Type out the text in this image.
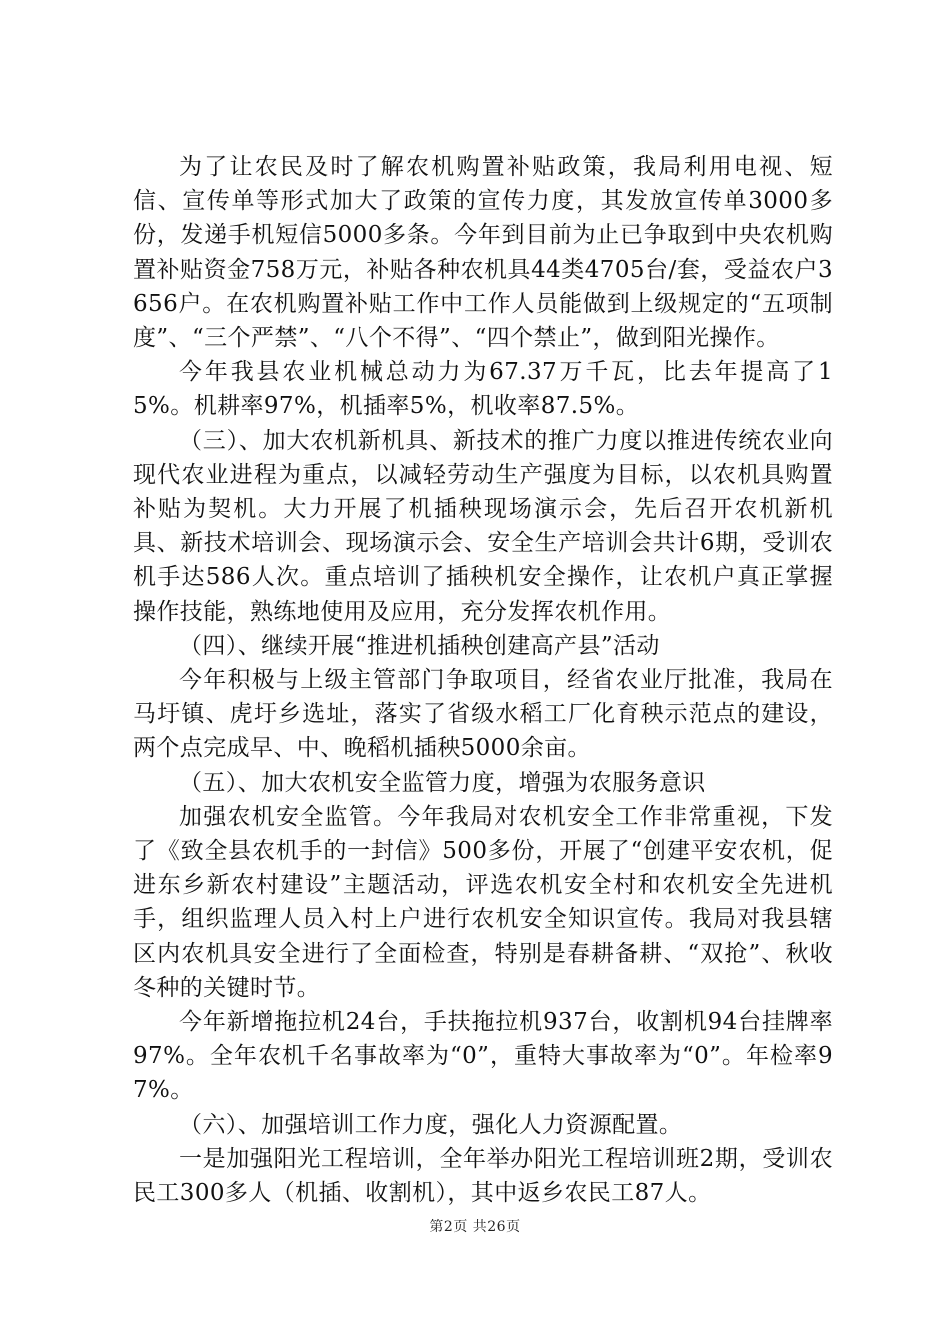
为了让农民及时了解农机购置补贴政策，我局利用电视、短信、宣传单等形式加大了政策的宣传力度，其发放宣传单3000多份，发递手机短信5000多条。今年到目前为止已争取到中央农机购置补贴资金758万元，补贴各种农机具44类4705台/套，受益农户3656户。在农机购置补贴工作中工作人员能做到上级规定的“五项制度”、“三个严禁”、“八个不得”、“四个禁止”，做到阳光操作。

今年我县农业机械总动力为67.37万千瓦，比去年提高了15%。机耕率97%，机插率5%，机收率87.5%。

（三）、加大农机新机具、新技术的推广力度以推进传统农业向现代农业进程为重点，以减轻劳动生产强度为目标，以农机具购置补贴为契机。大力开展了机插秧现场演示会，先后召开农机新机具、新技术培训会、现场演示会、安全生产培训会共计6期，受训农机手达586人次。重点培训了插秧机安全操作，让农机户真正掌握操作技能，熟练地使用及应用，充分发挥农机作用。

（四）、继续开展“推进机插秧创建高产县”活动

今年积极与上级主管部门争取项目，经省农业厅批准，我局在马圩镇、虎圩乡选址，落实了省级水稻工厂化育秧示范点的建设，两个点完成早、中、晚稻机插秧5000余亩。

（五）、加大农机安全监管力度，增强为农服务意识

加强农机安全监管。今年我局对农机安全工作非常重视，下发了《致全县农机手的一封信》500多份，开展了“创建平安农机，促进东乡新农村建设”主题活动，评选农机安全村和农机安全先进机手，组织监理人员入村上户进行农机安全知识宣传。我局对我县辖区内农机具安全进行了全面检查，特别是春耕备耕、“双抢”、秋收冬种的关键时节。

今年新增拖拉机24台，手扶拖拉机937台，收割机94台挂牌率97%。全年农机千名事故率为“0”，重特大事故率为“0”。年检率97%。

（六）、加强培训工作力度，强化人力资源配置。

一是加强阳光工程培训，全年举办阳光工程培训班2期，受训农民工300多人（机插、收割机），其中返乡农民工87人。

第2页 共26页
